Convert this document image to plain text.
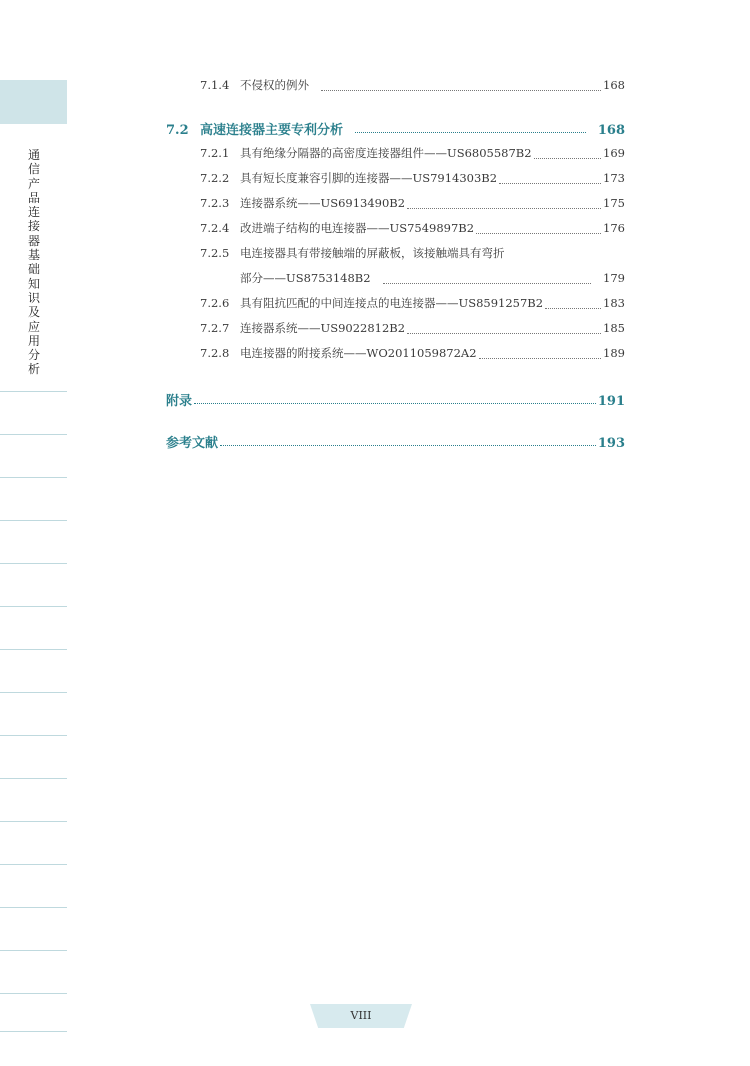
通信产品连接器基础知识及应用分析
7.1.4 不侵权的例外	168
7.2 高速连接器主要专利分析	168
7.2.1 具有绝缘分隔器的高密度连接器组件——US6805587B2	169
7.2.2 具有短长度兼容引脚的连接器——US7914303B2	173
7.2.3 连接器系统——US6913490B2	175
7.2.4 改进端子结构的电连接器——US7549897B2	176
7.2.5 电连接器具有带接触端的屏蔽板，该接触端具有弯折
部分——US8753148B2	179
7.2.6 具有阻抗匹配的中间连接点的电连接器——US8591257B2	183
7.2.7 连接器系统——US9022812B2	185
7.2.8 电连接器的附接系统——WO2011059872A2	189
附录	191
参考文献	193
VIII
